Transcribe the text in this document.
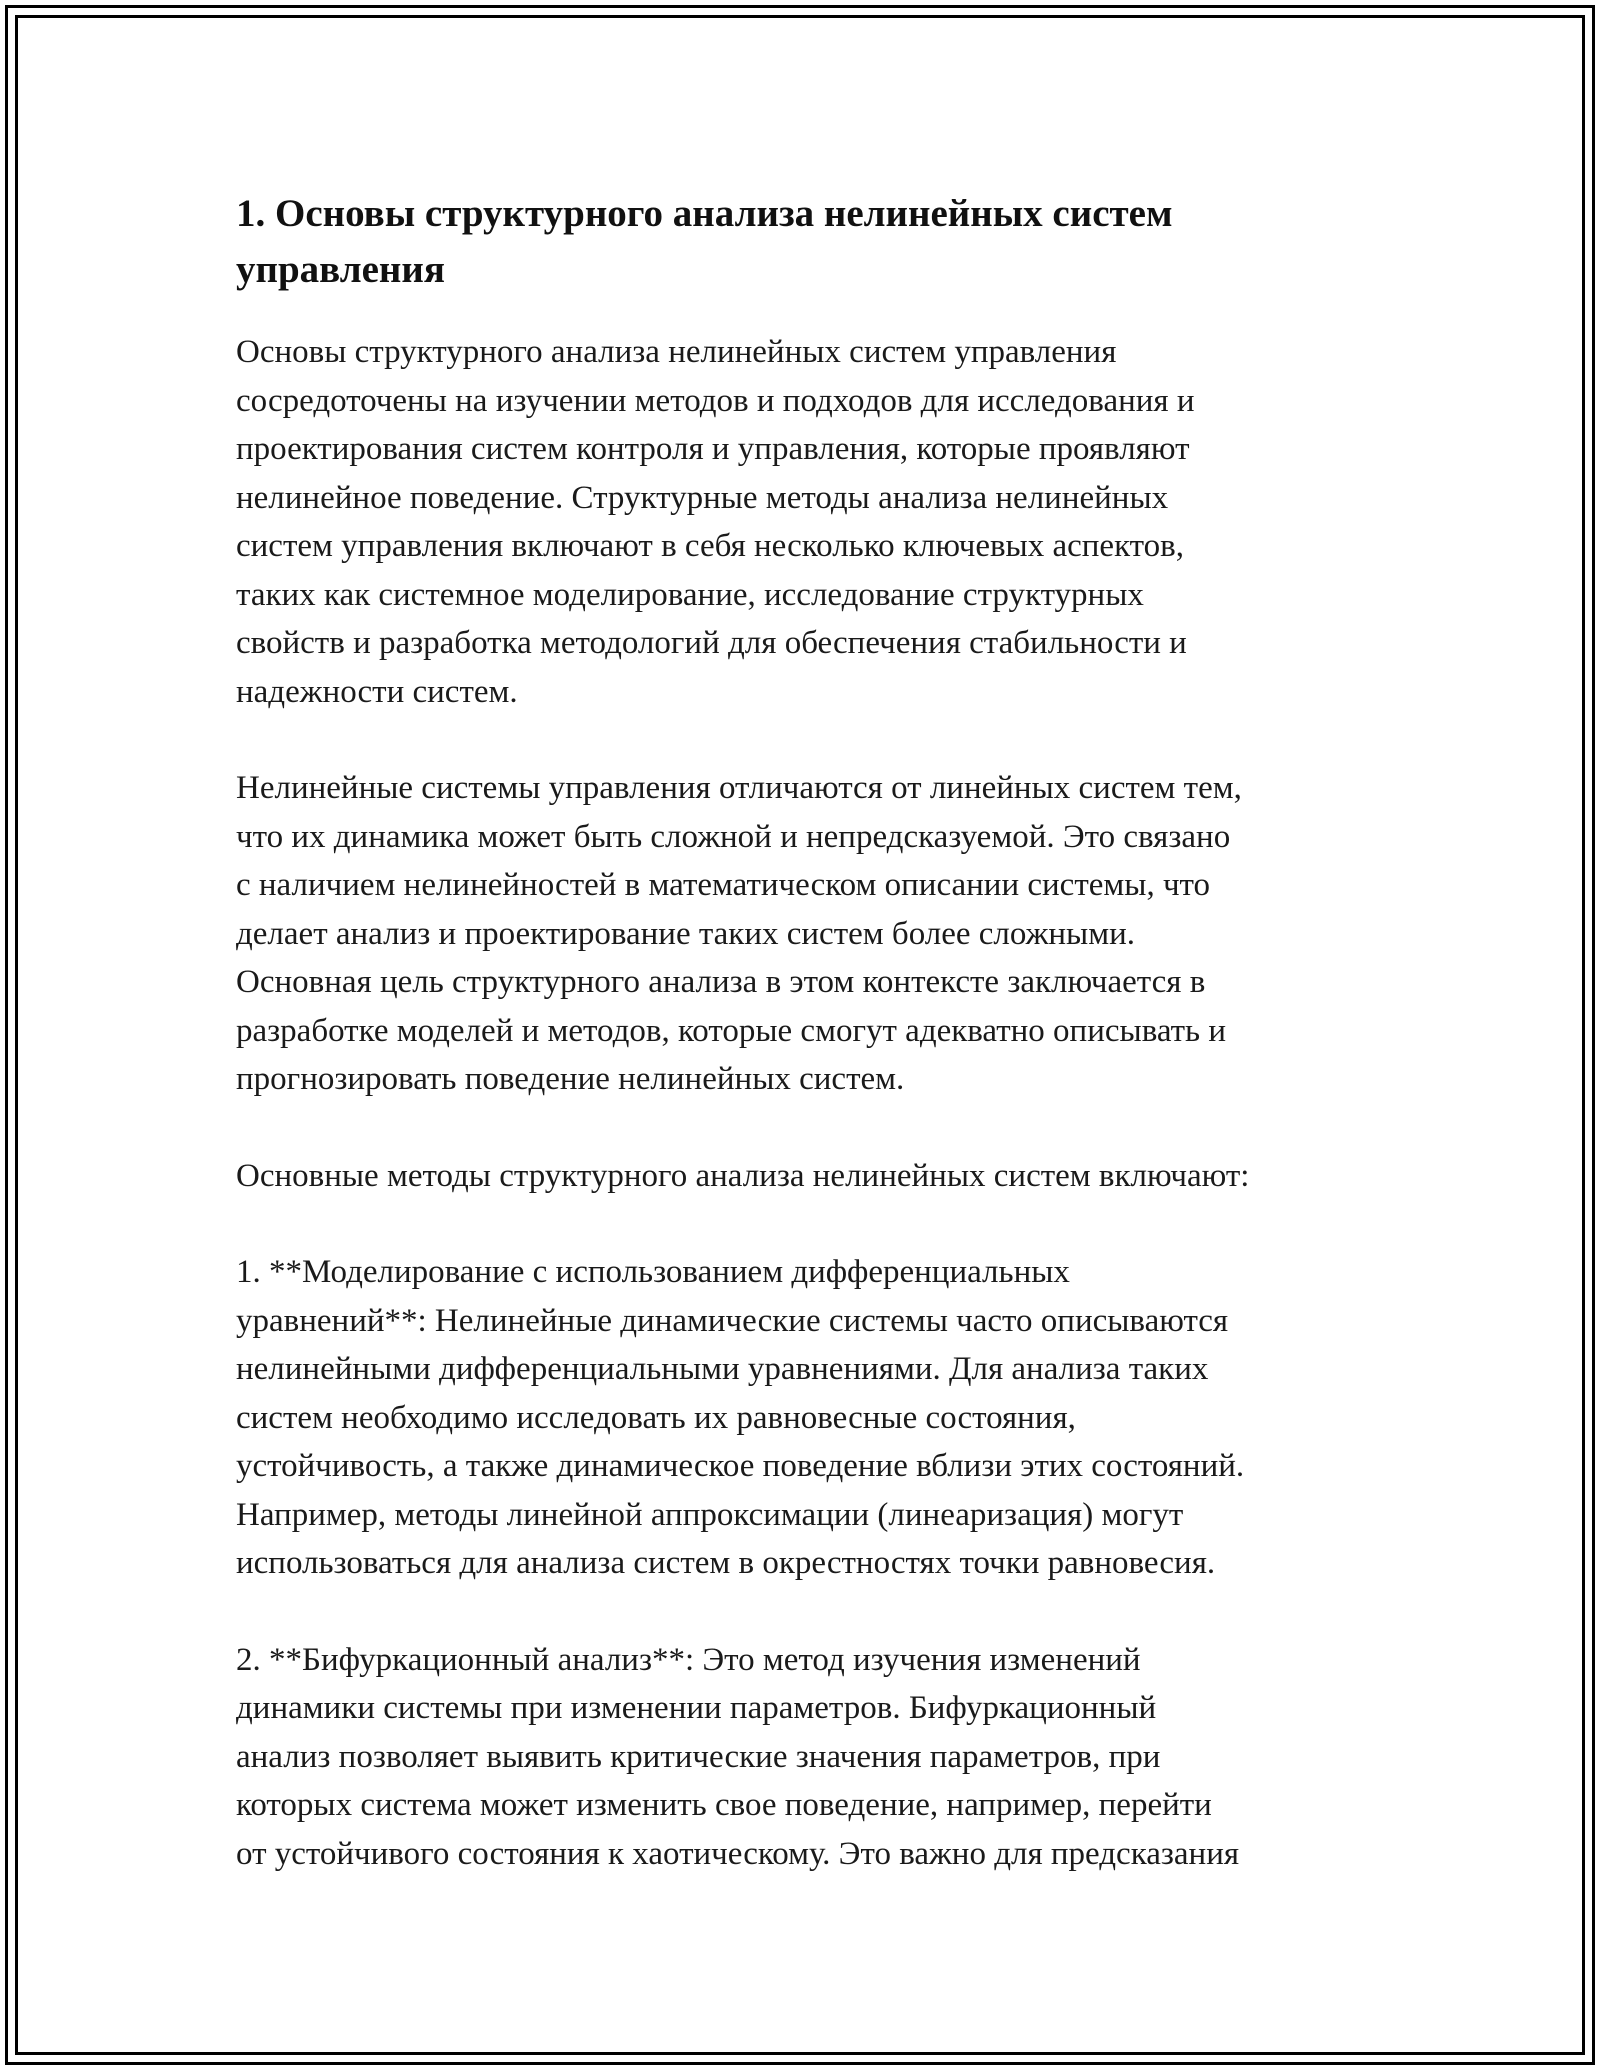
1. Основы структурного анализа нелинейных систем
управления

Основы структурного анализа нелинейных систем управления
сосредоточены на изучении методов и подходов для исследования и
проектирования систем контроля и управления, которые проявляют
нелинейное поведение. Структурные методы анализа нелинейных
систем управления включают в себя несколько ключевых аспектов,
таких как системное моделирование, исследование структурных
свойств и разработка методологий для обеспечения стабильности и
надежности систем.

Нелинейные системы управления отличаются от линейных систем тем,
что их динамика может быть сложной и непредсказуемой. Это связано
с наличием нелинейностей в математическом описании системы, что
делает анализ и проектирование таких систем более сложными.
Основная цель структурного анализа в этом контексте заключается в
разработке моделей и методов, которые смогут адекватно описывать и
прогнозировать поведение нелинейных систем.

Основные методы структурного анализа нелинейных систем включают:

1. **Моделирование с использованием дифференциальных
уравнений**: Нелинейные динамические системы часто описываются
нелинейными дифференциальными уравнениями. Для анализа таких
систем необходимо исследовать их равновесные состояния,
устойчивость, а также динамическое поведение вблизи этих состояний.
Например, методы линейной аппроксимации (линеаризация) могут
использоваться для анализа систем в окрестностях точки равновесия.

2. **Бифуркационный анализ**: Это метод изучения изменений
динамики системы при изменении параметров. Бифуркационный
анализ позволяет выявить критические значения параметров, при
которых система может изменить свое поведение, например, перейти
от устойчивого состояния к хаотическому. Это важно для предсказания
